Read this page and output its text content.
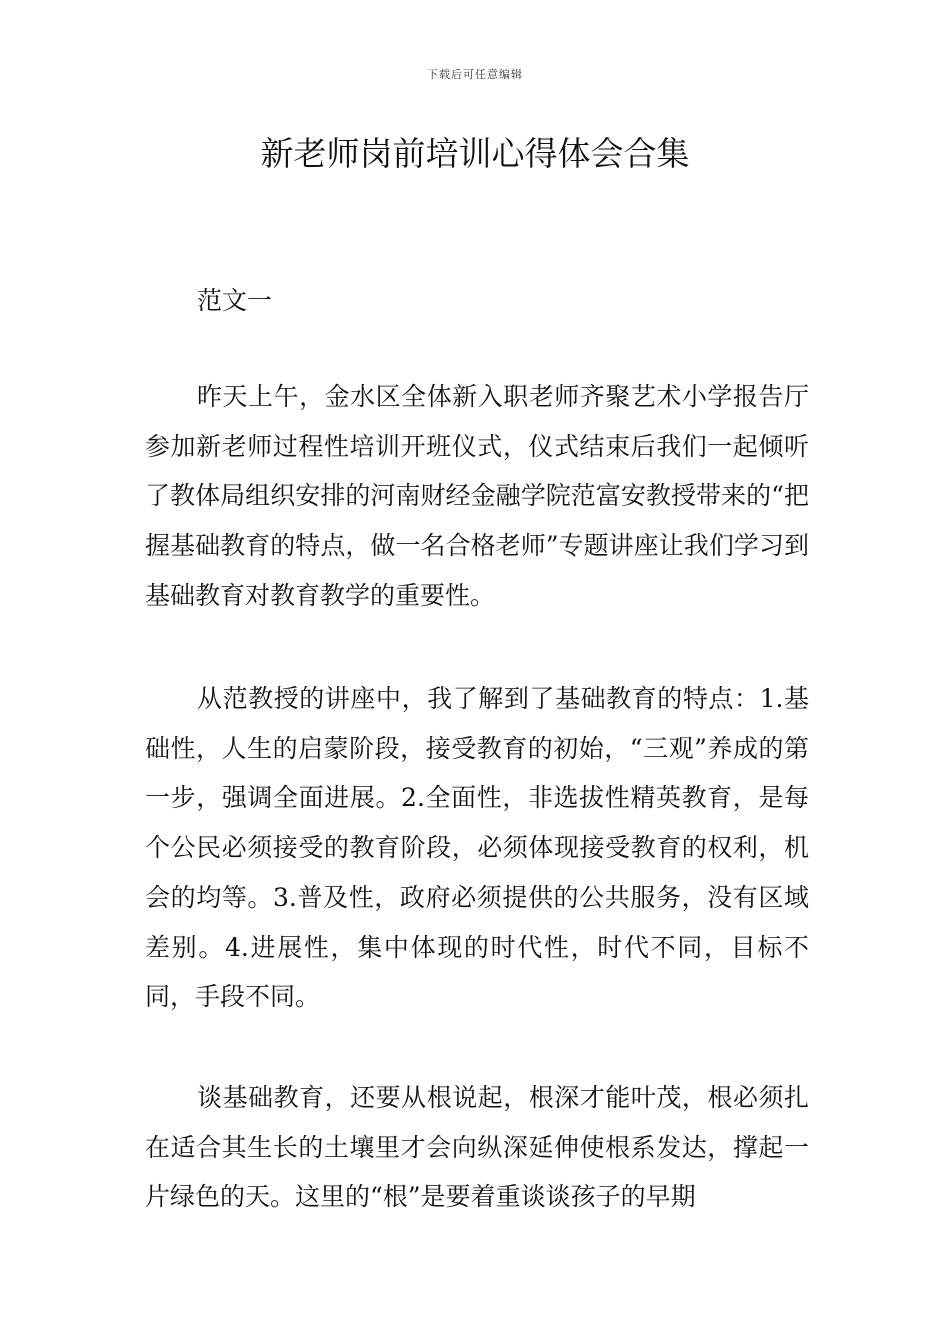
下载后可任意编辑
新老师岗前培训心得体会合集

范文一

昨天上午，金水区全体新入职老师齐聚艺术小学报告厅参加新老师过程性培训开班仪式，仪式结束后我们一起倾听了教体局组织安排的河南财经金融学院范富安教授带来的“把握基础教育的特点，做一名合格老师”专题讲座让我们学习到基础教育对教育教学的重要性。

从范教授的讲座中，我了解到了基础教育的特点：1.基础性，人生的启蒙阶段，接受教育的初始，“三观”养成的第一步，强调全面进展。2.全面性，非选拔性精英教育，是每个公民必须接受的教育阶段，必须体现接受教育的权利，机会的均等。3.普及性，政府必须提供的公共服务，没有区域差别。4.进展性，集中体现的时代性，时代不同，目标不同，手段不同。

谈基础教育，还要从根说起，根深才能叶茂，根必须扎在适合其生长的土壤里才会向纵深延伸使根系发达，撑起一片绿色的天。这里的“根”是要着重谈谈孩子的早期
